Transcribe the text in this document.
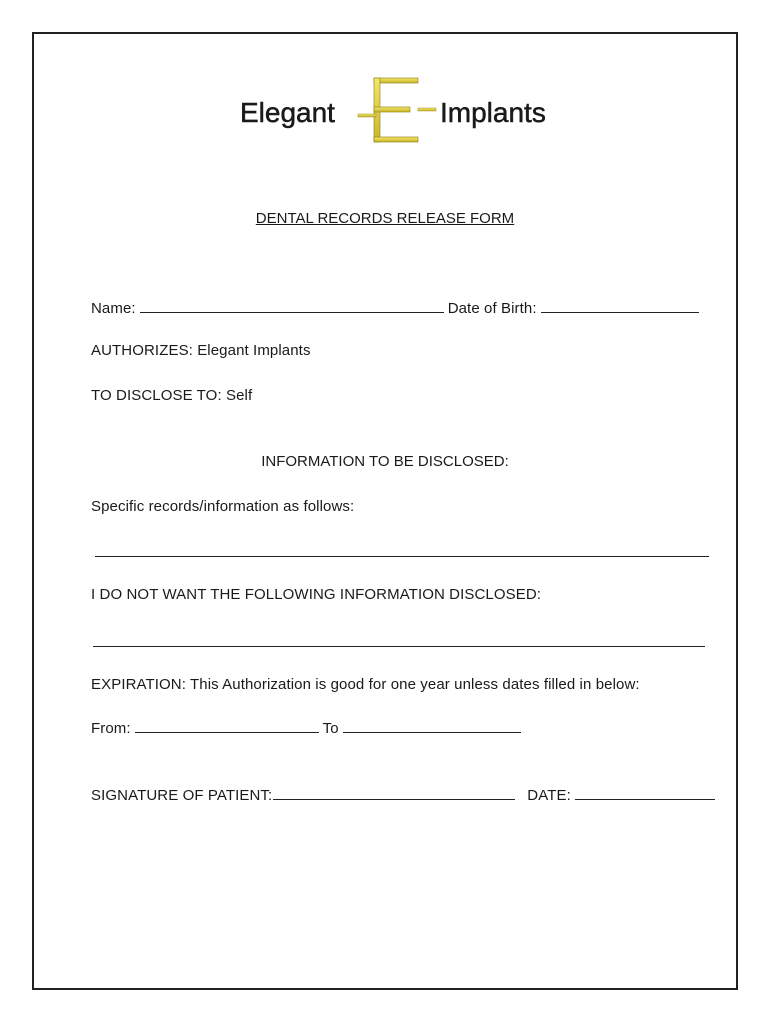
Elegant	Implants
DENTAL RECORDS RELEASE FORM
Name:	Date of Birth:
AUTHORIZES: Elegant Implants
TO DISCLOSE TO: Self
INFORMATION TO BE DISCLOSED:
Specific records/information as follows:
I DO NOT WANT THE FOLLOWING INFORMATION DISCLOSED:
EXPIRATION: This Authorization is good for one year unless dates filled in below:
From:	To
SIGNATURE OF PATIENT:	DATE:
